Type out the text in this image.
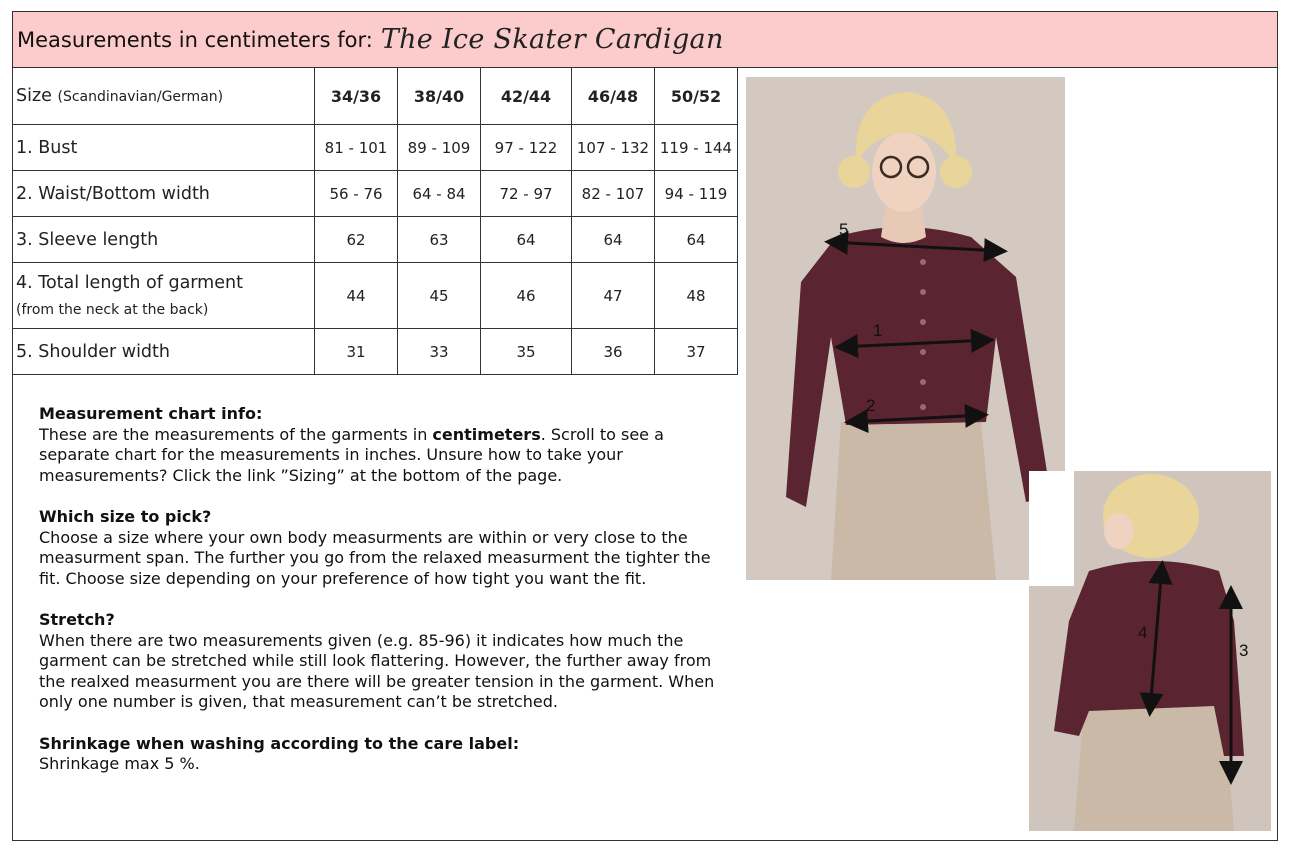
Measurements in centimeters for: The Ice Skater Cardigan
Size (Scandinavian/German)	34/36	38/40	42/44	46/48	50/52
1. Bust	81 - 101	89 - 109	97 - 122	107 - 132	119 - 144
2. Waist/Bottom width	56 - 76	64 - 84	72 - 97	82 - 107	94 - 119
3. Sleeve length	62	63	64	64	64
4. Total length of garment
(from the neck at the back)	44	45	46	47	48
5. Shoulder width	31	33	35	36	37
Measurement chart info:

These are the measurements of the garments in centimeters. Scroll to see a separate chart for the measurements in inches. Unsure how to take your measurements? Click the link ”Sizing” at the bottom of the page.

Which size to pick?

Choose a size where your own body measurments are within or very close to the measurment span. The further you go from the relaxed measurment the tighter the fit. Choose size depending on your preference of how tight you want the fit.

Stretch?

When there are two measurements given (e.g. 85-96) it indicates how much the garment can be stretched while still look flattering. However, the further away from the realxed measurment you are there will be greater tension in the garment. When only one number is given, that measurement can’t be stretched.

Shrinkage when washing according to the care label:

Shrinkage max 5 %.

5
1
2
4
3
